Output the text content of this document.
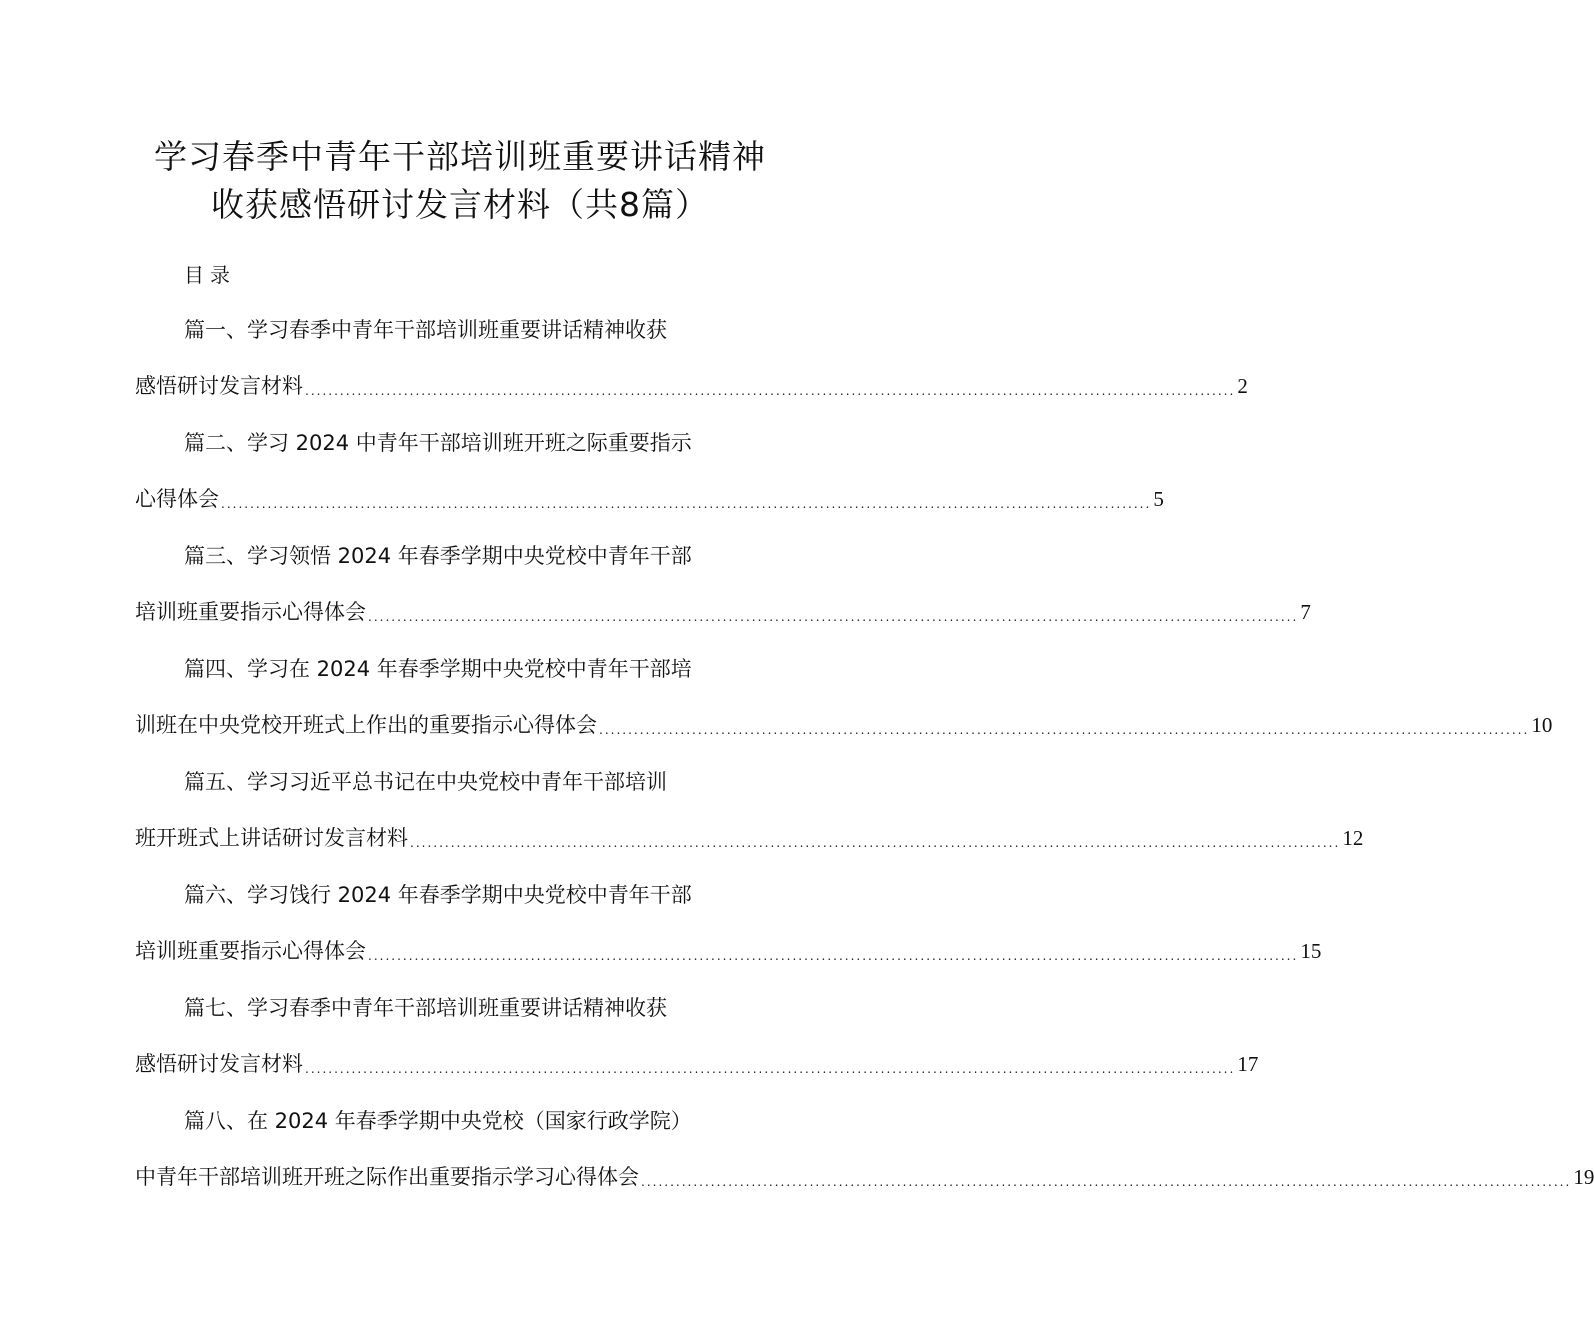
学习春季中青年干部培训班重要讲话精神
收获感悟研讨发言材料（共8篇）
目录
篇一、学习春季中青年干部培训班重要讲话精神收获
感悟研讨发言材料 ................................................................................................................................................................ 2
篇二、学习 2024 中青年干部培训班开班之际重要指示
心得体会 ................................................................................................................................................................ 5
篇三、学习领悟 2024 年春季学期中央党校中青年干部
培训班重要指示心得体会 ................................................................................................................................................................ 7
篇四、学习在 2024 年春季学期中央党校中青年干部培
训班在中央党校开班式上作出的重要指示心得体会 ................................................................................................................................................................ 10
篇五、学习习近平总书记在中央党校中青年干部培训
班开班式上讲话研讨发言材料 ................................................................................................................................................................ 12
篇六、学习饯行 2024 年春季学期中央党校中青年干部
培训班重要指示心得体会 ................................................................................................................................................................ 15
篇七、学习春季中青年干部培训班重要讲话精神收获
感悟研讨发言材料 ................................................................................................................................................................ 17
篇八、在 2024 年春季学期中央党校（国家行政学院）
中青年干部培训班开班之际作出重要指示学习心得体会 ................................................................................................................................................................ 19
